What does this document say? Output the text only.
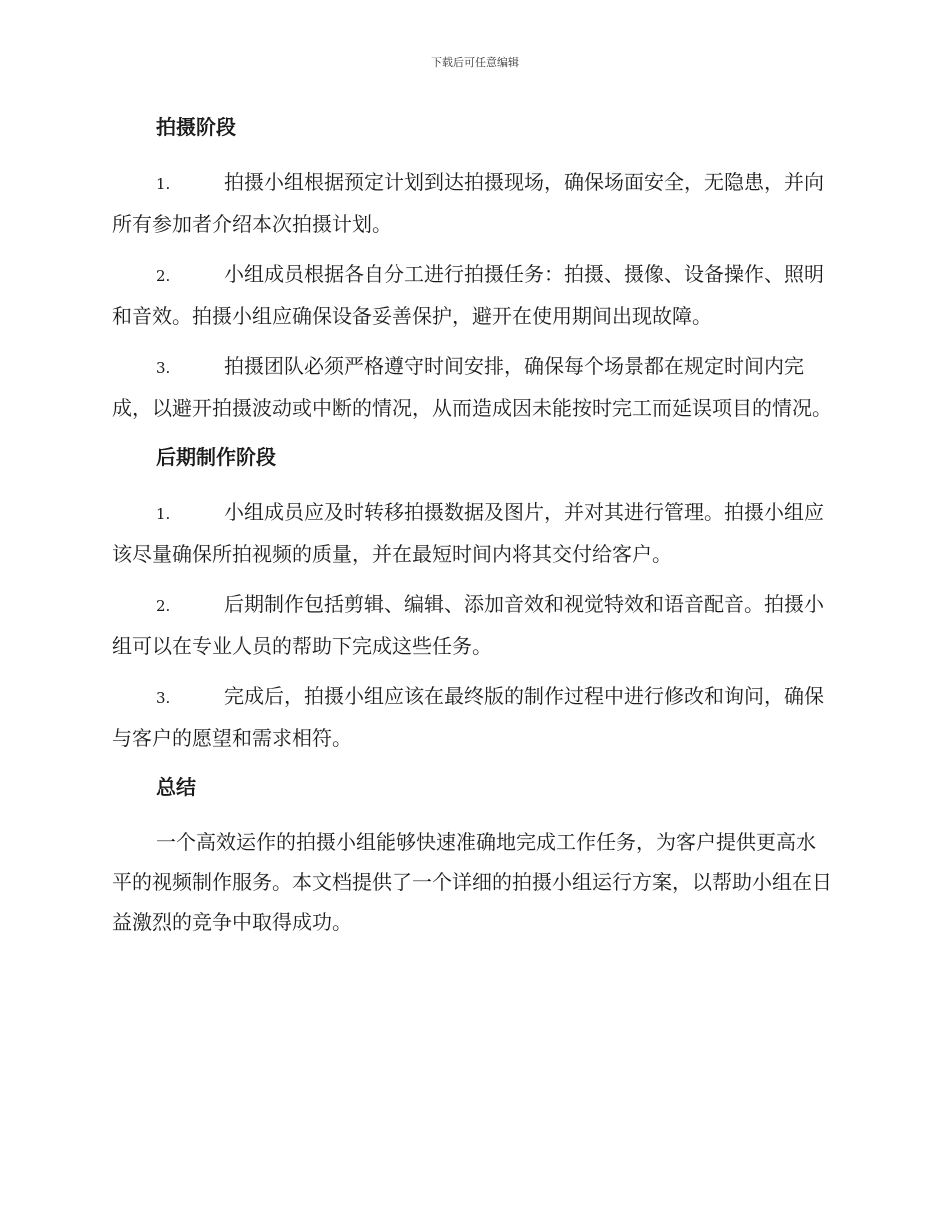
下载后可任意编辑
拍摄阶段

1.	拍摄小组根据预定计划到达拍摄现场，确保场面安全，无隐患，并向所有参加者介绍本次拍摄计划。

2.	小组成员根据各自分工进行拍摄任务：拍摄、摄像、设备操作、照明和音效。拍摄小组应确保设备妥善保护，避开在使用期间出现故障。

3.	拍摄团队必须严格遵守时间安排，确保每个场景都在规定时间内完成，以避开拍摄波动或中断的情况，从而造成因未能按时完工而延误项目的情况。

后期制作阶段

1.	小组成员应及时转移拍摄数据及图片，并对其进行管理。拍摄小组应该尽量确保所拍视频的质量，并在最短时间内将其交付给客户。

2.	后期制作包括剪辑、编辑、添加音效和视觉特效和语音配音。拍摄小组可以在专业人员的帮助下完成这些任务。

3.	完成后，拍摄小组应该在最终版的制作过程中进行修改和询问，确保与客户的愿望和需求相符。

总结

一个高效运作的拍摄小组能够快速准确地完成工作任务，为客户提供更高水平的视频制作服务。本文档提供了一个详细的拍摄小组运行方案，以帮助小组在日益激烈的竞争中取得成功。
